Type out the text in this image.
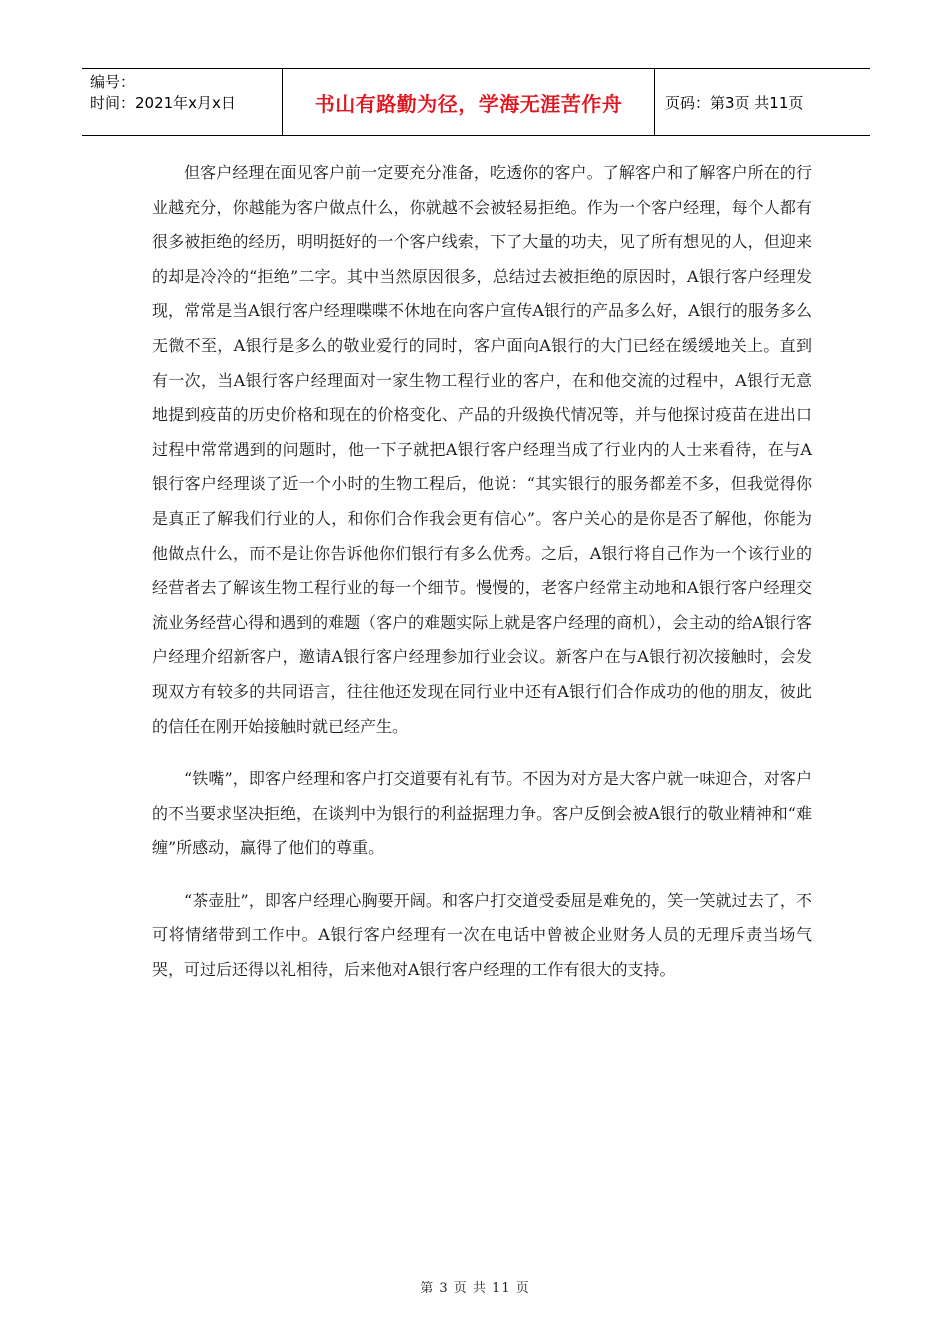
编号：
时间：2021年x月x日	书山有路勤为径，学海无涯苦作舟	页码：第3页 共11页

但客户经理在面见客户前一定要充分准备，吃透你的客户。了解客户和了解客户所在的行业越充分，你越能为客户做点什么，你就越不会被轻易拒绝。作为一个客户经理，每个人都有很多被拒绝的经历，明明挺好的一个客户线索，下了大量的功夫，见了所有想见的人，但迎来的却是冷冷的“拒绝”二字。其中当然原因很多，总结过去被拒绝的原因时，A银行客户经理发现，常常是当A银行客户经理喋喋不休地在向客户宣传A银行的产品多么好，A银行的服务多么无微不至，A银行是多么的敬业爱行的同时，客户面向A银行的大门已经在缓缓地关上。直到有一次，当A银行客户经理面对一家生物工程行业的客户，在和他交流的过程中，A银行无意地提到疫苗的历史价格和现在的价格变化、产品的升级换代情况等，并与他探讨疫苗在进出口过程中常常遇到的问题时，他一下子就把A银行客户经理当成了行业内的人士来看待，在与A银行客户经理谈了近一个小时的生物工程后，他说：“其实银行的服务都差不多，但我觉得你是真正了解我们行业的人，和你们合作我会更有信心”。客户关心的是你是否了解他，你能为他做点什么，而不是让你告诉他你们银行有多么优秀。之后，A银行将自己作为一个该行业的经营者去了解该生物工程行业的每一个细节。慢慢的，老客户经常主动地和A银行客户经理交流业务经营心得和遇到的难题（客户的难题实际上就是客户经理的商机），会主动的给A银行客户经理介绍新客户，邀请A银行客户经理参加行业会议。新客户在与A银行初次接触时，会发现双方有较多的共同语言，往往他还发现在同行业中还有A银行们合作成功的他的朋友，彼此的信任在刚开始接触时就已经产生。

“铁嘴”，即客户经理和客户打交道要有礼有节。不因为对方是大客户就一味迎合，对客户的不当要求坚决拒绝，在谈判中为银行的利益据理力争。客户反倒会被A银行的敬业精神和“难缠”所感动，赢得了他们的尊重。

“茶壶肚”，即客户经理心胸要开阔。和客户打交道受委屈是难免的，笑一笑就过去了，不可将情绪带到工作中。A银行客户经理有一次在电话中曾被企业财务人员的无理斥责当场气哭，可过后还得以礼相待，后来他对A银行客户经理的工作有很大的支持。

第 3 页 共 11 页
